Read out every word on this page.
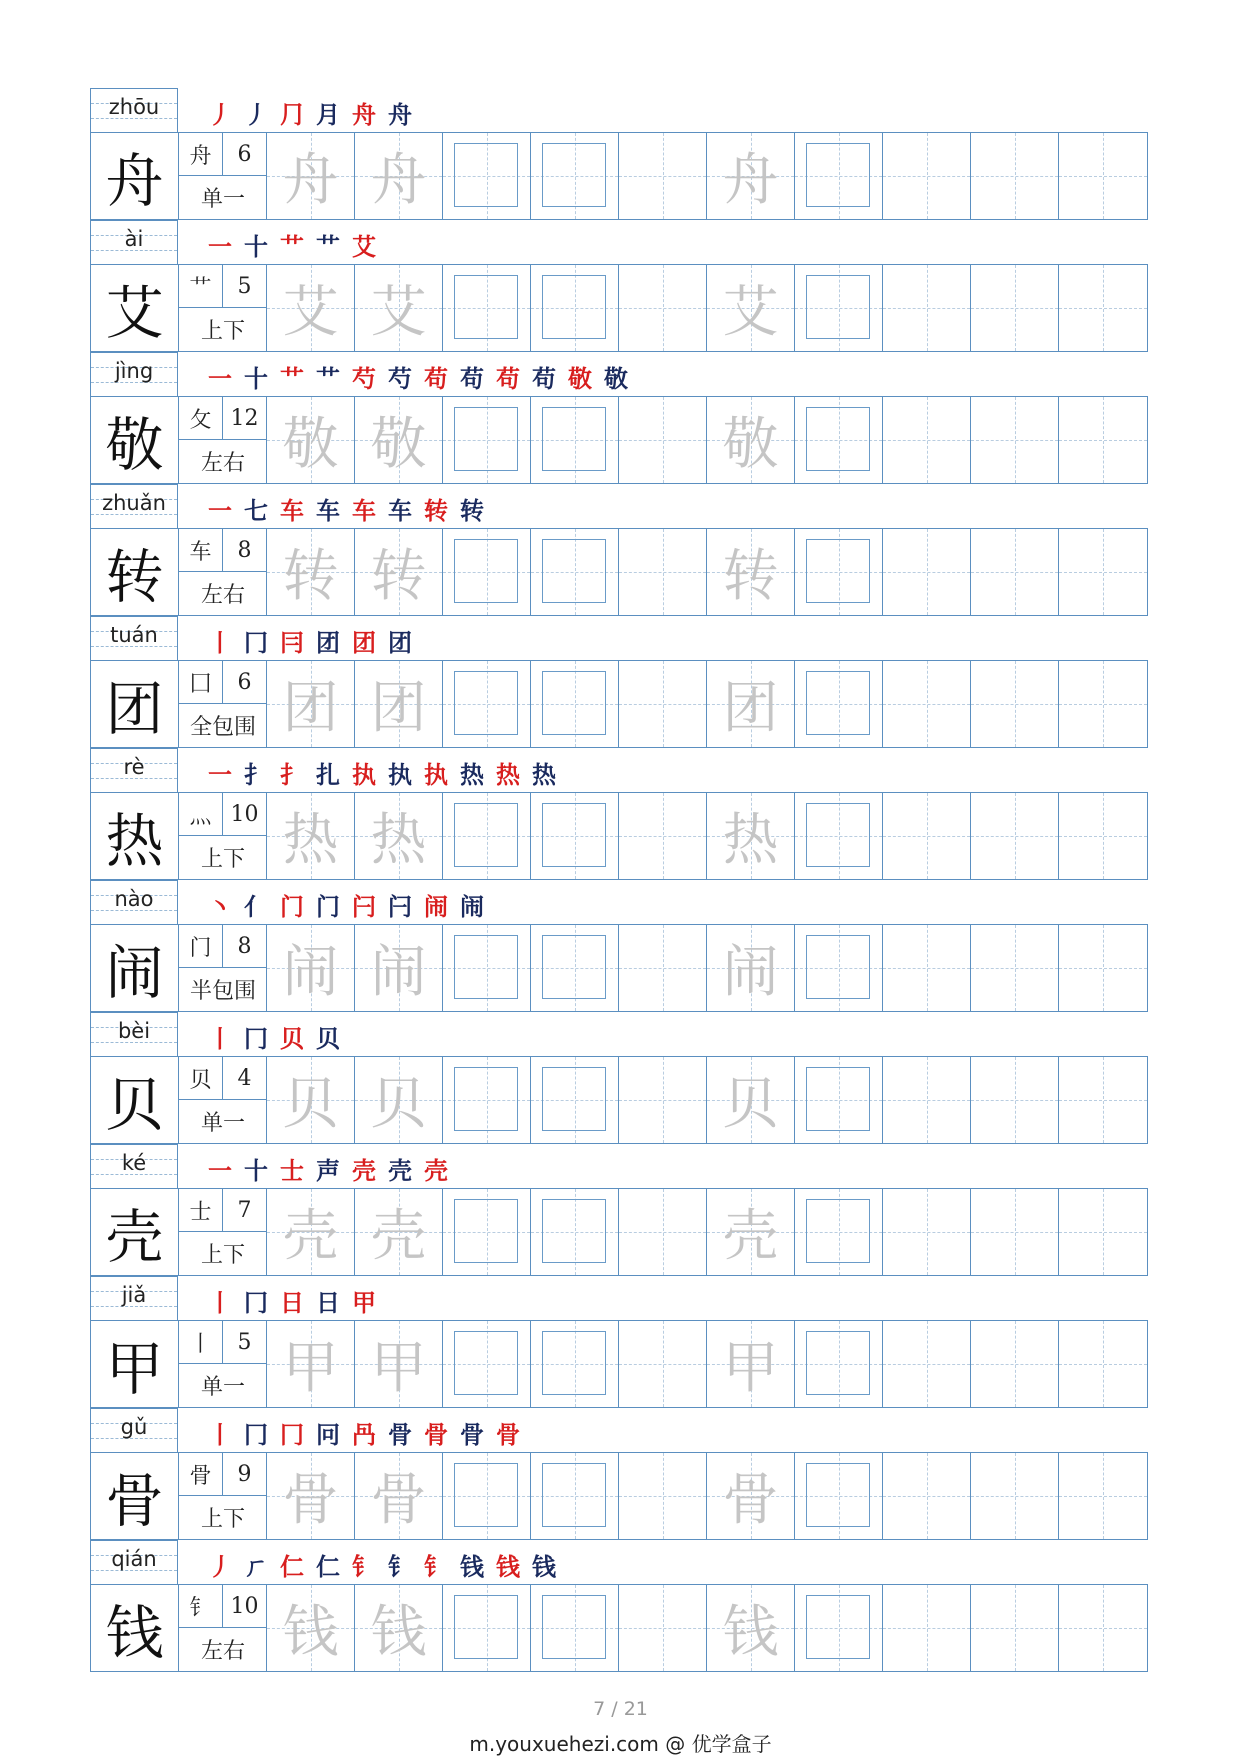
zhōu	丿 丿 ⺆ 月 舟 舟
舟	舟	6
单一 舟 舟	舟
ài	一 十 艹 艹 艾
艾	艹	5
上下 艾 艾	艾
jìng	一 十 艹 艹 芍 芍 苟 苟 苟 苟 敬 敬
敬	攵 12
左右 敬 敬	敬
zhuǎn	一 七 车 车 车 车 转 转
转	车	8
左右 转 转	转
tuán	丨 冂 冃 团 团 团
团	囗	6
全包围 团 团	团
rè	一 扌 扌 扎 执 执 执 热 热 热
热	灬 10
上下 热 热	热
nào	丶 亻 门 门 闩 闩 闹 闹
闹	门	8
半包围 闹 闹	闹
bèi	丨 冂 贝 贝
贝	贝	4
单一 贝 贝	贝
ké	一 十 士 声 壳 壳 壳
壳	士	7
上下 壳 壳	壳
jiǎ	丨 冂 日 日 甲
甲	丨	5
单一 甲 甲	甲
gǔ	丨 冂 冂 冋 冎 骨 骨 骨 骨
骨	骨	9
上下 骨 骨	骨
qián	丿 ㄏ 仁 仁 钅 钅 钅 钱 钱 钱
钱	钅 10
左右 钱 钱	钱
7 / 21
m.youxuehezi.com @ 优学盒子
